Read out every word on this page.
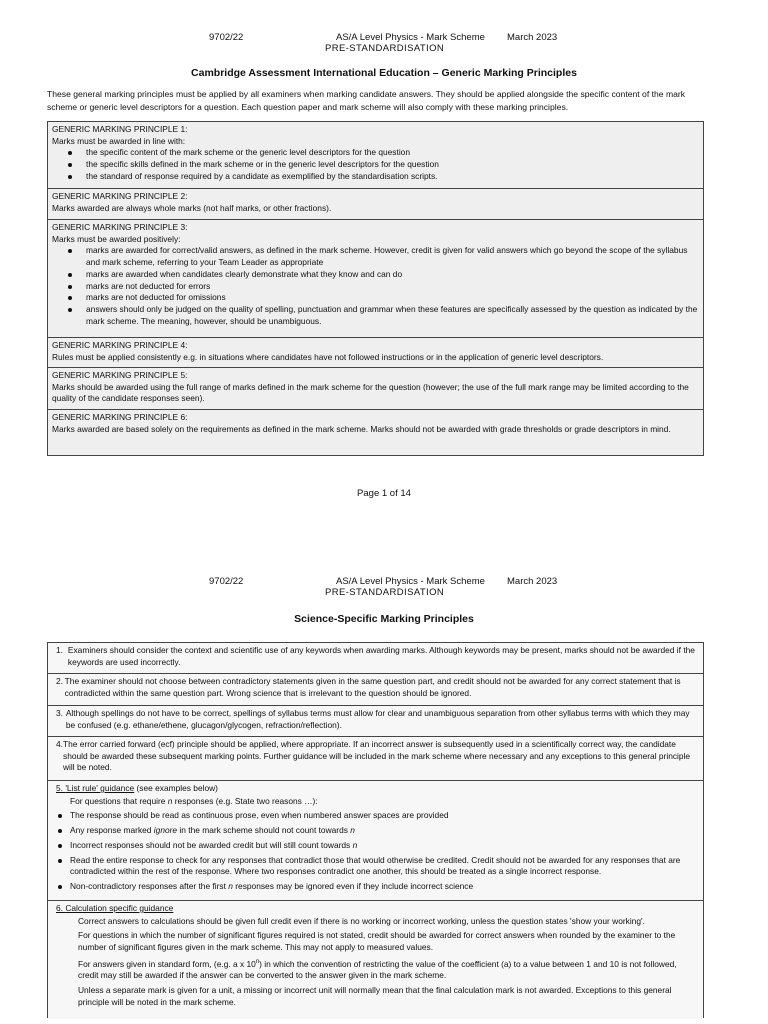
9702/22	AS/A Level Physics - Mark Scheme March 2023
PRE-STANDARDISATION
Cambridge Assessment International Education – Generic Marking Principles
These general marking principles must be applied by all examiners when marking candidate answers. They should be applied alongside the specific content of the mark scheme or generic level descriptors for a question. Each question paper and mark scheme will also comply with these marking principles.
GENERIC MARKING PRINCIPLE 1:
Marks must be awarded in line with:
the specific content of the mark scheme or the generic level descriptors for the question
the specific skills defined in the mark scheme or in the generic level descriptors for the question
the standard of response required by a candidate as exemplified by the standardisation scripts.
GENERIC MARKING PRINCIPLE 2:
Marks awarded are always whole marks (not half marks, or other fractions).
GENERIC MARKING PRINCIPLE 3:
Marks must be awarded positively:
marks are awarded for correct/valid answers, as defined in the mark scheme. However, credit is given for valid answers which go beyond the scope of the syllabus and mark scheme, referring to your Team Leader as appropriate
marks are awarded when candidates clearly demonstrate what they know and can do
marks are not deducted for errors
marks are not deducted for omissions
answers should only be judged on the quality of spelling, punctuation and grammar when these features are specifically assessed by the question as indicated by the mark scheme. The meaning, however, should be unambiguous.
GENERIC MARKING PRINCIPLE 4:
Rules must be applied consistently e.g. in situations where candidates have not followed instructions or in the application of generic level descriptors.
GENERIC MARKING PRINCIPLE 5:
Marks should be awarded using the full range of marks defined in the mark scheme for the question (however; the use of the full mark range may be limited according to the quality of the candidate responses seen).
GENERIC MARKING PRINCIPLE 6:
Marks awarded are based solely on the requirements as defined in the mark scheme. Marks should not be awarded with grade thresholds or grade descriptors in mind.
Page 1 of 14
9702/22	AS/A Level Physics - Mark Scheme March 2023
PRE-STANDARDISATION
Science-Specific Marking Principles
1. Examiners should consider the context and scientific use of any keywords when awarding marks. Although keywords may be present, marks should not be awarded if the keywords are used incorrectly.
2. The examiner should not choose between contradictory statements given in the same question part, and credit should not be awarded for any correct statement that is contradicted within the same question part. Wrong science that is irrelevant to the question should be ignored.
3. Although spellings do not have to be correct, spellings of syllabus terms must allow for clear and unambiguous separation from other syllabus terms with which they may be confused (e.g. ethane/ethene, glucagon/glycogen, refraction/reflection).
4. The error carried forward (ecf) principle should be applied, where appropriate. If an incorrect answer is subsequently used in a scientifically correct way, the candidate should be awarded these subsequent marking points. Further guidance will be included in the mark scheme where necessary and any exceptions to this general principle will be noted.
5. 'List rule' guidance (see examples below)
For questions that require n responses (e.g. State two reasons …):
The response should be read as continuous prose, even when numbered answer spaces are provided
Any response marked ignore in the mark scheme should not count towards n
Incorrect responses should not be awarded credit but will still count towards n
Read the entire response to check for any responses that contradict those that would otherwise be credited. Credit should not be awarded for any responses that are contradicted within the rest of the response. Where two responses contradict one another, this should be treated as a single incorrect response.
Non-contradictory responses after the first n responses may be ignored even if they include incorrect science
6. Calculation specific guidance
Correct answers to calculations should be given full credit even if there is no working or incorrect working, unless the question states 'show your working'.
For questions in which the number of significant figures required is not stated, credit should be awarded for correct answers when rounded by the examiner to the number of significant figures given in the mark scheme. This may not apply to measured values.
For answers given in standard form, (e.g. a x 10$^n$) in which the convention of restricting the value of the coefficient (a) to a value between 1 and 10 is not followed, credit may still be awarded if the answer can be converted to the answer given in the mark scheme.
Unless a separate mark is given for a unit, a missing or incorrect unit will normally mean that the final calculation mark is not awarded. Exceptions to this general principle will be noted in the mark scheme.
